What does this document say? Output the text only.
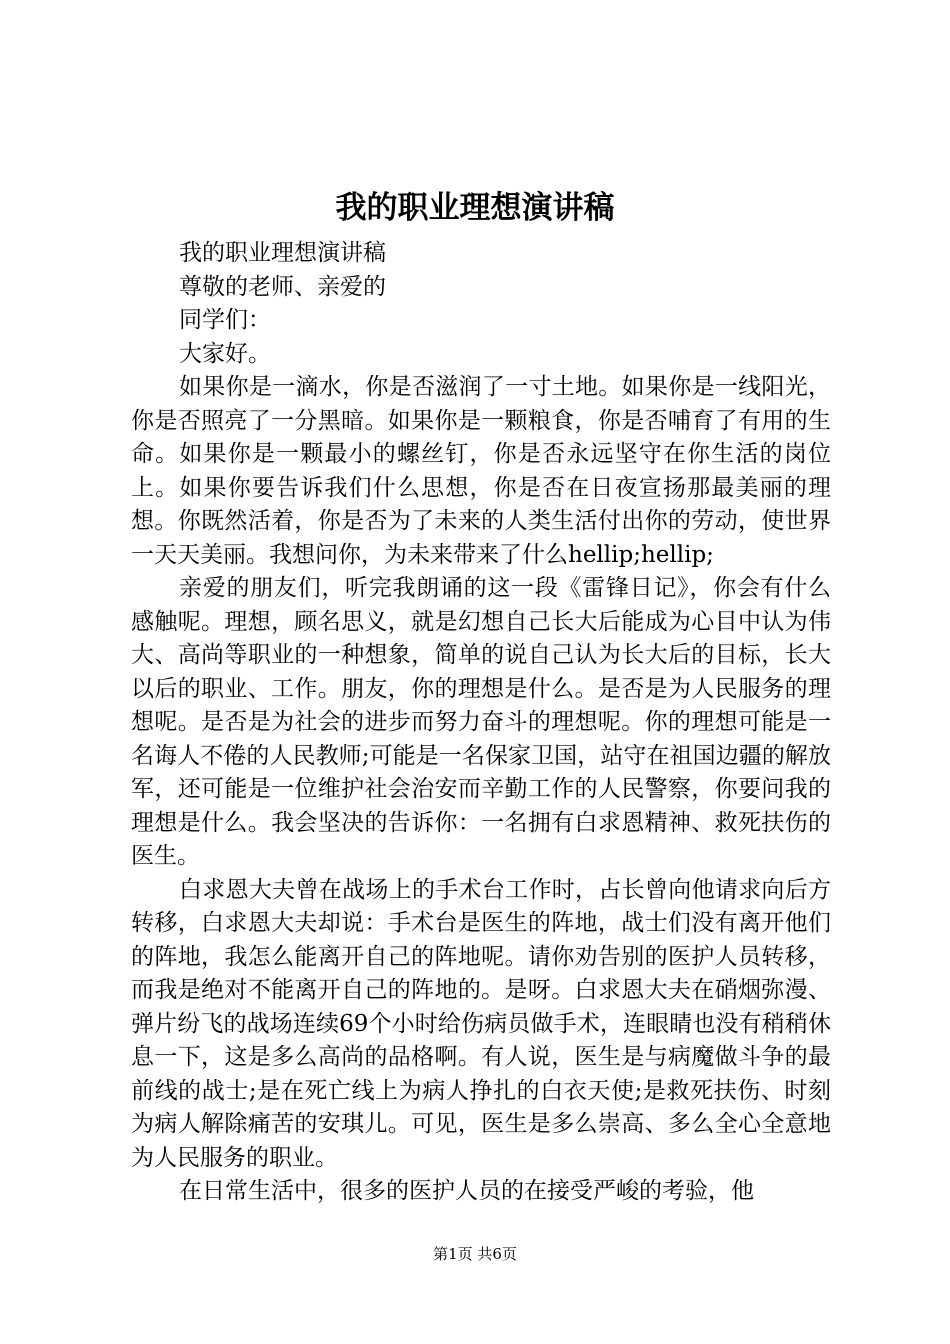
我的职业理想演讲稿

我的职业理想演讲稿

尊敬的老师、亲爱的

同学们：

大家好。

如果你是一滴水，你是否滋润了一寸土地。如果你是一线阳光，你是否照亮了一分黑暗。如果你是一颗粮食，你是否哺育了有用的生命。如果你是一颗最小的螺丝钉，你是否永远坚守在你生活的岗位上。如果你要告诉我们什么思想，你是否在日夜宣扬那最美丽的理想。你既然活着，你是否为了未来的人类生活付出你的劳动，使世界一天天美丽。我想问你，为未来带来了什么hellip;hellip;

亲爱的朋友们，听完我朗诵的这一段《雷锋日记》，你会有什么感触呢。理想，顾名思义，就是幻想自己长大后能成为心目中认为伟大、高尚等职业的一种想象，简单的说自己认为长大后的目标，长大以后的职业、工作。朋友，你的理想是什么。是否是为人民服务的理想呢。是否是为社会的进步而努力奋斗的理想呢。你的理想可能是一名诲人不倦的人民教师;可能是一名保家卫国，站守在祖国边疆的解放军，还可能是一位维护社会治安而辛勤工作的人民警察，你要问我的理想是什么。我会坚决的告诉你：一名拥有白求恩精神、救死扶伤的医生。

白求恩大夫曾在战场上的手术台工作时，占长曾向他请求向后方转移，白求恩大夫却说：手术台是医生的阵地，战士们没有离开他们的阵地，我怎么能离开自己的阵地呢。请你劝告别的医护人员转移，而我是绝对不能离开自己的阵地的。是呀。白求恩大夫在硝烟弥漫、弹片纷飞的战场连续69个小时给伤病员做手术，连眼睛也没有稍稍休息一下，这是多么高尚的品格啊。有人说，医生是与病魔做斗争的最前线的战士;是在死亡线上为病人挣扎的白衣天使;是救死扶伤、时刻为病人解除痛苦的安琪儿。可见，医生是多么崇高、多么全心全意地为人民服务的职业。

在日常生活中，很多的医护人员的在接受严峻的考验，他

第1页 共6页
